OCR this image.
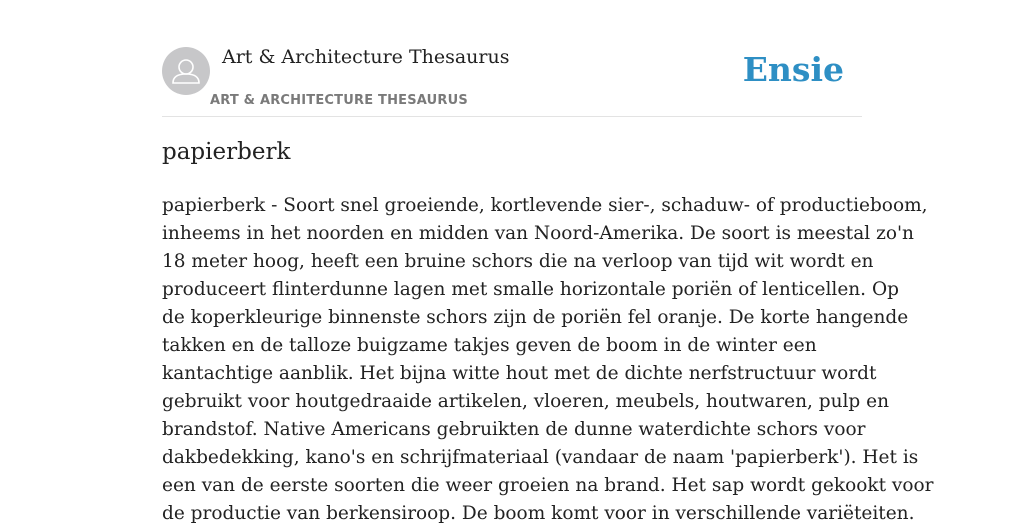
Art & Architecture Thesaurus
ART & ARCHITECTURE THESAURUS
Ensie
papierberk

papierberk - Soort snel groeiende, kortlevende sier-, schaduw- of productieboom,
inheems in het noorden en midden van Noord-Amerika. De soort is meestal zo'n
18 meter hoog, heeft een bruine schors die na verloop van tijd wit wordt en
produceert flinterdunne lagen met smalle horizontale poriën of lenticellen. Op
de koperkleurige binnenste schors zijn de poriën fel oranje. De korte hangende
takken en de talloze buigzame takjes geven de boom in de winter een
kantachtige aanblik. Het bijna witte hout met de dichte nerfstructuur wordt
gebruikt voor houtgedraaide artikelen, vloeren, meubels, houtwaren, pulp en
brandstof. Native Americans gebruikten de dunne waterdichte schors voor
dakbedekking, kano's en schrijfmateriaal (vandaar de naam 'papierberk'). Het is
een van de eerste soorten die weer groeien na brand. Het sap wordt gekookt voor
de productie van berkensiroop. De boom komt voor in verschillende variëteiten.
